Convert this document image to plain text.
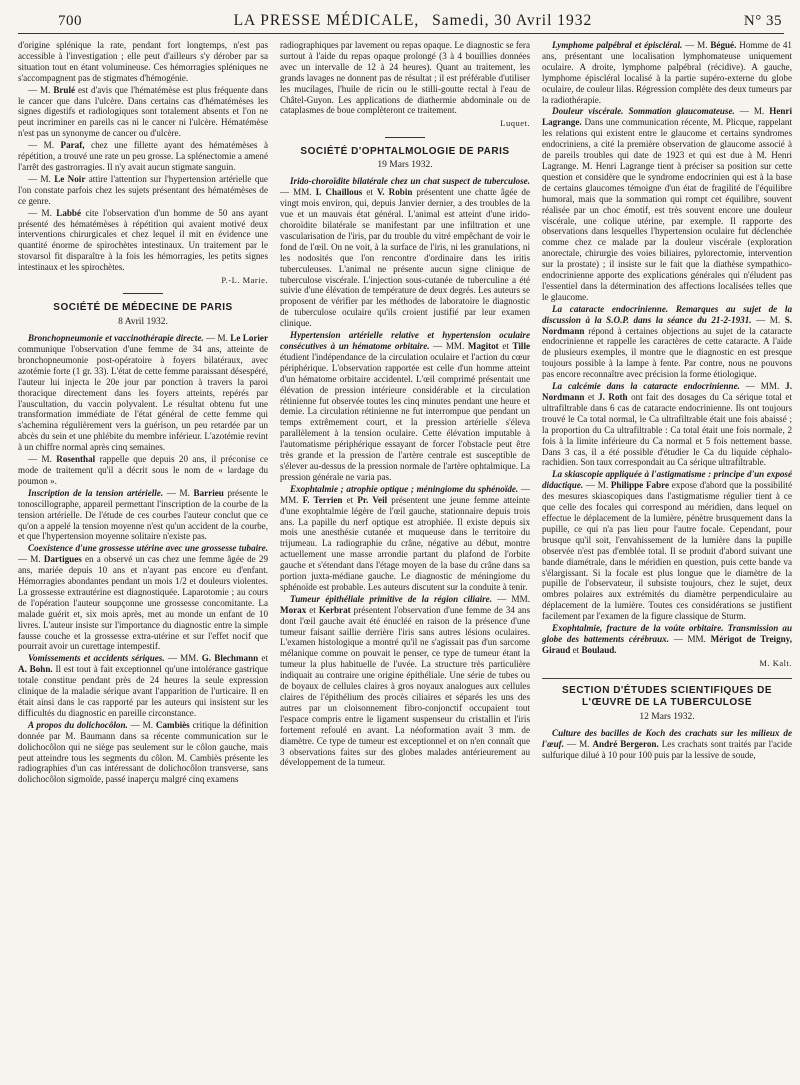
700	LA PRESSE MÉDICALE, Samedi, 30 Avril 1932	N° 35

d'origine splénique la rate, pendant fort longtemps, n'est pas accessible à l'investigation ; elle peut d'ailleurs s'y dérober par sa situation tout en étant volumineuse. Ces hémorragies spléniques ne s'accompagnent pas de stigmates d'hémogénie.

— M. Brulé est d'avis que l'hématémèse est plus fréquente dans le cancer que dans l'ulcère. Dans certains cas d'hématémèses les signes digestifs et radiologiques sont totalement absents et l'on ne peut incriminer en pareils cas ni le cancer ni l'ulcère. Hématémèse n'est pas un synonyme de cancer ou d'ulcère.

— M. Paraf, chez une fillette ayant des hématémèses à répétition, a trouvé une rate un peu grosse. La splénectomie a amené l'arrêt des gastrorragies. Il n'y avait aucun stigmate sanguin.

— M. Le Noir attire l'attention sur l'hypertension artérielle que l'on constate parfois chez les sujets présentant des hématémèses de ce genre.

— M. Labbé cite l'observation d'un homme de 50 ans ayant présenté des hématémèses à répétition qui avaient motivé deux interventions chirurgicales et chez lequel il mit en évidence une quantité énorme de spirochètes intestinaux. Un traitement par le stovarsol fit disparaître à la fois les hémorragies, les petits signes intestinaux et les spirochètes.

P.-L. Marie.
SOCIÉTÉ DE MÉDECINE DE PARIS
8 Avril 1932.

Bronchopneumonie et vaccinothérapie directe. — M. Le Lorier communique l'observation d'une femme de 34 ans, atteinte de bronchopneumonie post-opératoire à foyers bilatéraux, avec azotémie forte (1 gr. 33). L'état de cette femme paraissant désespéré, l'auteur lui injecta le 20e jour par ponction à travers la paroi thoracique directement dans les foyers atteints, repérés par l'auscultation, du vaccin polyvalent. Le résultat obtenu fut une transformation immédiate de l'état général de cette femme qui s'achemina régulièrement vers la guérison, un peu retardée par un abcès du sein et une phlébite du membre inférieur. L'azotémie revint à un chiffre normal après cinq semaines.

— M. Rosenthal rappelle que depuis 20 ans, il préconise ce mode de traitement qu'il a décrit sous le nom de « lardage du poumon ».

Inscription de la tension artérielle. — M. Barrieu présente le tonoscillographe, appareil permettant l'inscription de la courbe de la tension artérielle. De l'étude de ces courbes l'auteur conclut que ce qu'on a appelé la tension moyenne n'est qu'un accident de la courbe, et que l'hypertension moyenne solitaire n'existe pas.

Coexistence d'une grossesse utérine avec une grossesse tubaire. — M. Dartigues en a observé un cas chez une femme âgée de 29 ans, mariée depuis 10 ans et n'ayant pas encore eu d'enfant. Hémorragies abondantes pendant un mois 1/2 et douleurs violentes. La grossesse extrautérine est diagnostiquée. Laparotomie ; au cours de l'opération l'auteur soupçonne une grossesse concomitante. La malade guérit et, six mois après, met au monde un enfant de 10 livres. L'auteur insiste sur l'importance du diagnostic entre la simple fausse couche et la grossesse extra-utérine et sur l'effet nocif que pourrait avoir un curettage intempestif.

Vomissements et accidents sériques. — MM. G. Blechmann et A. Bohn. Il est tout à fait exceptionnel qu'une intolérance gastrique totale constitue pendant près de 24 heures la seule expression clinique de la maladie sérique avant l'apparition de l'urticaire. Il en était ainsi dans le cas rapporté par les auteurs qui insistent sur les difficultés du diagnostic en pareille circonstance.

A propos du dolichocôlon. — M. Cambiès critique la définition donnée par M. Baumann dans sa récente communication sur le dolichocôlon qui ne siège pas seulement sur le côlon gauche, mais peut atteindre tous les segments du côlon. M. Cambiès présente les radiographies d'un cas intéressant de dolichocôlon transverse, sans dolichocôlon sigmoïde, passé inaperçu malgré cinq examens

radiographiques par lavement ou repas opaque. Le diagnostic se fera surtout à l'aide du repas opaque prolongé (3 à 4 bouillies données avec un intervalle de 12 à 24 heures). Quant au traitement, les grands lavages ne donnent pas de résultat ; il est préférable d'utiliser les mucilages, l'huile de ricin ou le stilli-goutte rectal à l'eau de Châtel-Guyon. Les applications de diathermie abdominale ou de cataplasmes de boue complèteront ce traitement.

Luquet.
SOCIÉTÉ D'OPHTALMOLOGIE DE PARIS
19 Mars 1932.

Irido-choroïdite bilatérale chez un chat suspect de tuberculose. — MM. I. Chaillous et V. Robin présentent une chatte âgée de vingt mois environ, qui, depuis Janvier dernier, a des troubles de la vue et un mauvais état général. L'animal est atteint d'une irido-choroïdite bilatérale se manifestant par une infiltration et une vascularisation de l'iris, par du trouble du vitré empêchant de voir le fond de l'œil. On ne voit, à la surface de l'iris, ni les granulations, ni les nodosités que l'on rencontre d'ordinaire dans les iritis tuberculeuses. L'animal ne présente aucun signe clinique de tuberculose viscérale. L'injection sous-cutanée de tuberculine a été suivie d'une élévation de température de deux degrés. Les auteurs se proposent de vérifier par les méthodes de laboratoire le diagnostic de tuberculose oculaire qu'ils croient justifié par leur examen clinique.

Hypertension artérielle relative et hypertension oculaire consécutives à un hématome orbitaire. — MM. Magitot et Tille étudient l'indépendance de la circulation oculaire et l'action du cœur périphérique. L'observation rapportée est celle d'un homme atteint d'un hématome orbitaire accidentel. L'œil comprimé présentait une élévation de pression intérieure considérable et la circulation rétinienne fut observée toutes les cinq minutes pendant une heure et demie. La circulation rétinienne ne fut interrompue que pendant un temps extrêmement court, et la pression artérielle s'éleva parallèlement à la tension oculaire. Cette élévation imputable à l'automatisme périphérique essayant de forcer l'obstacle peut être très grande et la pression de l'artère centrale est susceptible de s'élever au-dessus de la pression normale de l'artère ophtalmique. La pression générale ne varia pas.

Exophtalmie ; atrophie optique ; méningiome du sphénoïde. — MM. F. Terrien et Pr. Veil présentent une jeune femme atteinte d'une exophtalmie légère de l'œil gauche, stationnaire depuis trois ans. La papille du nerf optique est atrophiée. Il existe depuis six mois une anesthésie cutanée et muqueuse dans le territoire du trijumeau. La radiographie du crâne, négative au début, montre actuellement une masse arrondie partant du plafond de l'orbite gauche et s'étendant dans l'étage moyen de la base du crâne dans sa portion juxta-médiane gauche. Le diagnostic de méningiome du sphénoïde est probable. Les auteurs discutent sur la conduite à tenir.

Tumeur épithéliale primitive de la région ciliaire. — MM. Morax et Kerbrat présentent l'observation d'une femme de 34 ans dont l'œil gauche avait été énucléé en raison de la présence d'une tumeur faisant saillie derrière l'iris sans autres lésions oculaires. L'examen histologique a montré qu'il ne s'agissait pas d'un sarcome mélanique comme on pouvait le penser, ce type de tumeur étant la tumeur la plus habituelle de l'uvée. La structure très particulière indiquait au contraire une origine épithéliale. Une série de tubes ou de boyaux de cellules claires à gros noyaux analogues aux cellules claires de l'épithélium des procès ciliaires et séparés les uns des autres par un cloisonnement fibro-conjonctif occupaient tout l'espace compris entre le ligament suspenseur du cristallin et l'iris fortement refoulé en avant. La néoformation avait 3 mm. de diamètre. Ce type de tumeur est exceptionnel et on n'en connaît que 3 observations faites sur des globes malades antérieurement au développement de la tumeur.

Lymphome palpébral et épiscléral. — M. Bégué. Homme de 41 ans, présentant une localisation lymphomateuse uniquement oculaire. A droite, lymphome palpébral (récidive). A gauche, lymphome épiscléral localisé à la partie supéro-externe du globe oculaire, de couleur lilas. Régression complète des deux tumeurs par la radiothérapie.

Douleur viscérale. Sommation glaucomateuse. — M. Henri Lagrange. Dans une communication récente, M. Plicque, rappelant les relations qui existent entre le glaucome et certains syndromes endocriniens, a cité la première observation de glaucome associé à de pareils troubles qui date de 1923 et qui est due à M. Henri Lagrange. M. Henri Lagrange tient à préciser sa position sur cette question et considère que le syndrome endocrinien qui est à la base de certains glaucomes témoigne d'un état de fragilité de l'équilibre humoral, mais que la sommation qui rompt cet équilibre, souvent réalisée par un choc émotif, est très souvent encore une douleur viscérale, une colique utérine, par exemple. Il rapporte des observations dans lesquelles l'hypertension oculaire fut déclenchée comme chez ce malade par la douleur viscérale (exploration anorectale, chirurgie des voies biliaires, pylorectomie, intervention sur la prostate) ; il insiste sur le fait que la diathèse sympathico-endocrinienne apporte des explications générales qui n'éludent pas l'essentiel dans la détermination des affections localisées telles que le glaucome.

La cataracte endocrinienne. Remarques au sujet de la discussion à la S.O.P. dans la séance du 21-2-1931. — M. S. Nordmann répond à certaines objections au sujet de la cataracte endocrinienne et rappelle les caractères de cette cataracte. A l'aide de plusieurs exemples, il montre que le diagnostic en est presque toujours possible à la lampe à fente. Par contre, nous ne pouvons pas encore reconnaître avec précision la forme étiologique.

La calcémie dans la cataracte endocrinienne. — MM. J. Nordmann et J. Roth ont fait des dosages du Ca sérique total et ultrafiltrable dans 6 cas de cataracte endocrinienne. Ils ont toujours trouvé le Ca total normal, le Ca ultrafiltrable était une fois abaissé ; la proportion du Ca ultrafiltrable : Ca total était une fois normale, 2 fois à la limite inférieure du Ca normal et 5 fois nettement basse. Dans 3 cas, il a été possible d'étudier le Ca du liquide céphalo-rachidien. Son taux correspondait au Ca sérique ultrafiltrable.

La skiascopie appliquée à l'astigmatisme : principe d'un exposé didactique. — M. Philippe Fabre expose d'abord que la possibilité des mesures skiascopiques dans l'astigmatisme régulier tient à ce que celle des focales qui correspond au méridien, dans lequel on effectue le déplacement de la lumière, pénètre brusquement dans la pupille, ce qui n'a pas lieu pour l'autre focale. Cependant, pour brusque qu'il soit, l'envahissement de la lumière dans la pupille observée n'est pas d'emblée total. Il se produit d'abord suivant une bande diamétrale, dans le méridien en question, puis cette bande va s'élargissant. Si la focale est plus longue que le diamètre de la pupille de l'observateur, il subsiste toujours, chez le sujet, deux ombres polaires aux extrémités du diamètre perpendiculaire au déplacement de la lumière. Toutes ces considérations se justifient facilement par l'examen de la figure classique de Sturm.

Exophtalmie, fracture de la voûte orbitaire. Transmission au globe des battements cérébraux. — MM. Mérigot de Treigny, Giraud et Boulaud.

M. Kalt.
SECTION D'ÉTUDES SCIENTIFIQUES DE L'ŒUVRE DE LA TUBERCULOSE
12 Mars 1932.

Culture des bacilles de Koch des crachats sur les milieux de l'œuf. — M. André Bergeron. Les crachats sont traités par l'acide sulfurique dilué à 10 pour 100 puis par la lessive de soude,
